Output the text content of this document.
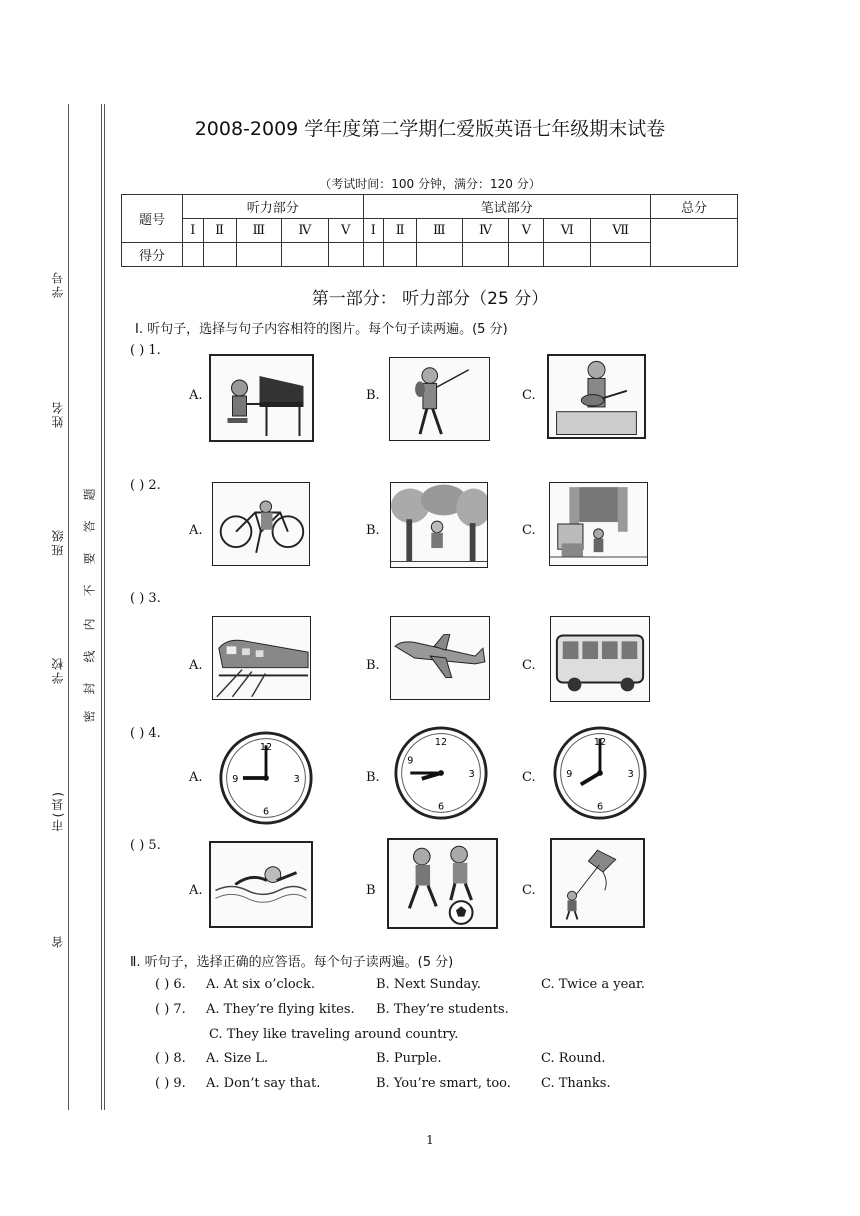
学号
姓名
班级
学校
市(县)
省
题
答
要
不
内
线
封
密
2008-2009 学年度第二学期仁爱版英语七年级期末试卷
（考试时间：100 分钟，满分：120 分）
题号	听力部分					笔试部分							总分
	Ⅰ	Ⅱ	Ⅲ	Ⅳ	Ⅴ	Ⅰ	Ⅱ	Ⅲ	Ⅳ	Ⅴ	Ⅵ	Ⅶ	
得分													
第一部分： 听力部分（25 分）
Ⅰ. 听句子，选择与句子内容相符的图片。每个句子读两遍。(5 分)
( ) 1.
A.	B.	C.
( ) 2.
A.	B.	C.
( ) 3.
A.	B.	C.
( ) 4.
A.	B.	C.
12
3
6
9
12
3
6
9
12
3
6
9
( ) 5.
A.	B	C.
Ⅱ. 听句子，选择正确的应答语。每个句子读两遍。(5 分)
( ) 6. A. At six o’clock.	B. Next Sunday.	C. Twice a year.
( ) 7. A. They’re flying kites. B. They’re students.
C. They like traveling around country.
( ) 8. A. Size L.	B. Purple.	C. Round.
( ) 9. A. Don’t say that.	B. You’re smart, too. C. Thanks.
1
